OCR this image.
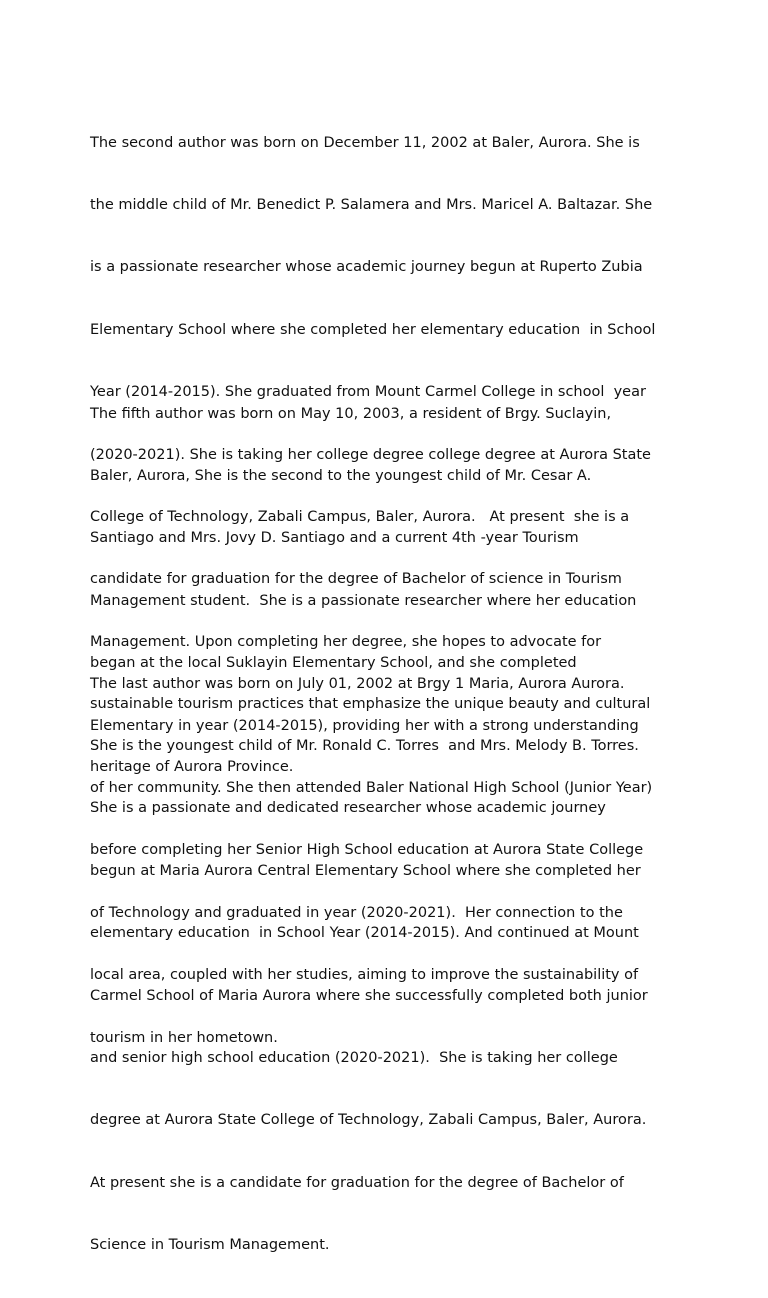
The second author was born on December 11, 2002 at Baler, Aurora. She is

the middle child of Mr. Benedict P. Salamera and Mrs. Maricel A. Baltazar. She

is a passionate researcher whose academic journey begun at Ruperto Zubia

Elementary School where she completed her elementary education  in School

Year (2014-2015). She graduated from Mount Carmel College in school  year

(2020-2021). She is taking her college degree college degree at Aurora State

College of Technology, Zabali Campus, Baler, Aurora.   At present  she is a

candidate for graduation for the degree of Bachelor of science in Tourism

Management. Upon completing her degree, she hopes to advocate for

sustainable tourism practices that emphasize the unique beauty and cultural

heritage of Aurora Province.

The fifth author was born on May 10, 2003, a resident of Brgy. Suclayin,

Baler, Aurora, She is the second to the youngest child of Mr. Cesar A.

Santiago and Mrs. Jovy D. Santiago and a current 4th -year Tourism

Management student.  She is a passionate researcher where her education

began at the local Suklayin Elementary School, and she completed

Elementary in year (2014-2015), providing her with a strong understanding

of her community. She then attended Baler National High School (Junior Year)

before completing her Senior High School education at Aurora State College

of Technology and graduated in year (2020-2021).  Her connection to the

local area, coupled with her studies, aiming to improve the sustainability of

tourism in her hometown.

The last author was born on July 01, 2002 at Brgy 1 Maria, Aurora Aurora.

She is the youngest child of Mr. Ronald C. Torres  and Mrs. Melody B. Torres.

She is a passionate and dedicated researcher whose academic journey

begun at Maria Aurora Central Elementary School where she completed her

elementary education  in School Year (2014-2015). And continued at Mount

Carmel School of Maria Aurora where she successfully completed both junior

and senior high school education (2020-2021).  She is taking her college

degree at Aurora State College of Technology, Zabali Campus, Baler, Aurora.

At present she is a candidate for graduation for the degree of Bachelor of

Science in Tourism Management.
